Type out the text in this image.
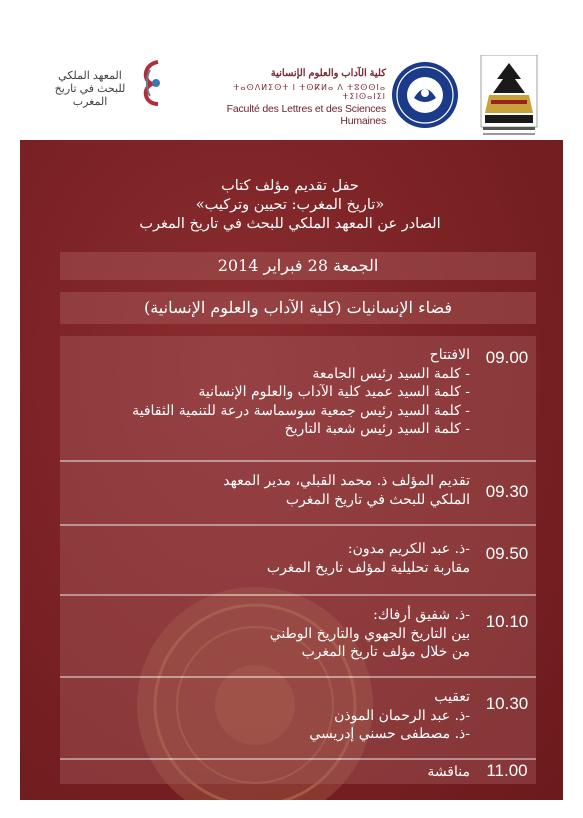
كلية الآداب والعلوم الإنسانية
ⵜⴰⵙⴷⵍⵉⵙⵜ ⵏ ⵜⵙⴽⵍⴰ ⴷ ⵜⵓⵙⵙⵏⴰ ⵜⵉⵏⵙⴰⵏⵉⵏ
Faculté des Lettres et des Sciences Humaines
المعهد الملكي
للبحث في تاريخ
المغرب
حفل تقديم مؤلف كتاب
«تاريخ المغرب: تحيين وتركيب»
الصادر عن المعهد الملكي للبحث في تاريخ المغرب
الجمعة 28 فبراير 2014
فضاء الإنسانيات (كلية الآداب والعلوم الإنسانية)
09.00
الافتتاح
- كلمة السيد رئيس الجامعة
- كلمة السيد عميد كلية الآداب والعلوم الإنسانية
- كلمة السيد رئيس جمعية سوسماسة درعة للتنمية الثقافية
- كلمة السيد رئيس شعبة التاريخ
09.30
تقديم المؤلف ذ. محمد القبلي، مدير المعهد
الملكي للبحث في تاريخ المغرب
09.50
-ذ. عبد الكريم مدون:
مقاربة تحليلية لمؤلف تاريخ المغرب
10.10
-ذ. شفيق أرفاك:
بين التاريخ الجهوي والتاريخ الوطني
من خلال مؤلف تاريخ المغرب
10.30
تعقيب
-ذ. عبد الرحمان الموذن
-ذ. مصطفى حسني إدريسي
11.00
مناقشة
